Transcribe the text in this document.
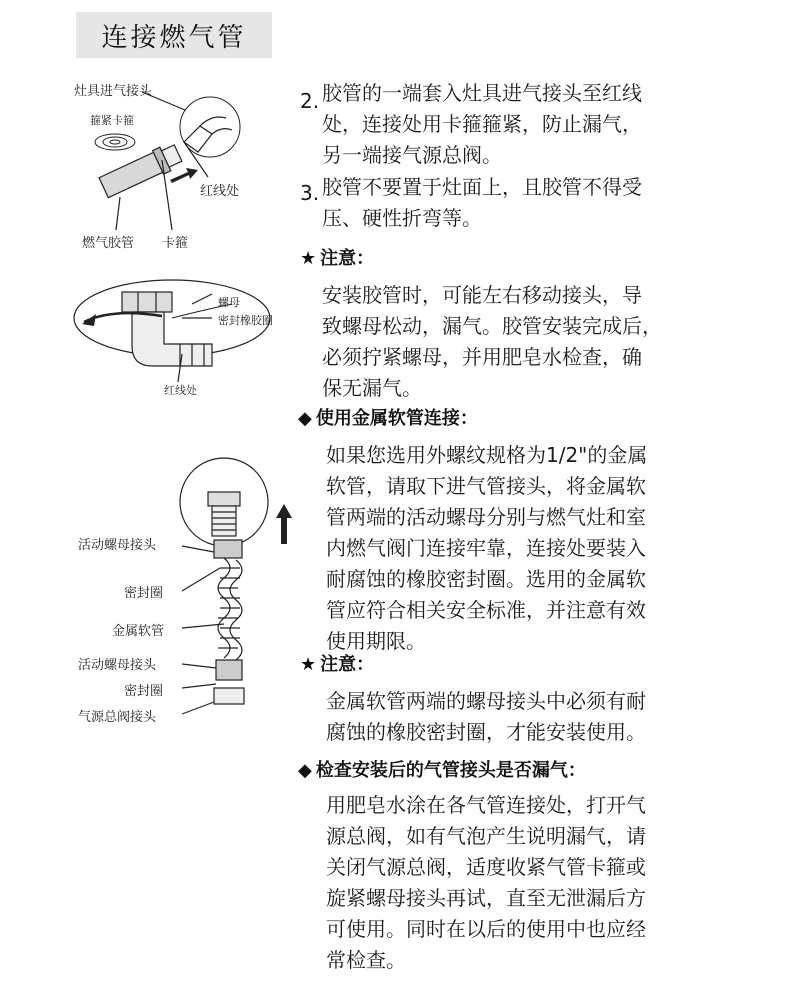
连接燃气管
灶具进气接头
箍紧卡箍
红线处
燃气胶管 卡箍
螺母
密封橡胶圈
红线处
活动螺母接头
密封圈
金属软管
活动螺母接头
密封圈
气源总阀接头
2. 胶管的一端套入灶具进气接头至红线
处，连接处用卡箍箍紧，防止漏气，
另一端接气源总阀。
3. 胶管不要置于灶面上，且胶管不得受
压、硬性折弯等。
★ 注意：
安装胶管时，可能左右移动接头，导
致螺母松动，漏气。胶管安装完成后，
必须拧紧螺母，并用肥皂水检查，确
保无漏气。
◆ 使用金属软管连接：
如果您选用外螺纹规格为1/2"的金属
软管，请取下进气管接头，将金属软
管两端的活动螺母分别与燃气灶和室
内燃气阀门连接牢靠，连接处要装入
耐腐蚀的橡胶密封圈。选用的金属软
管应符合相关安全标准，并注意有效
使用期限。
★ 注意：
金属软管两端的螺母接头中必须有耐
腐蚀的橡胶密封圈，才能安装使用。
◆ 检查安装后的气管接头是否漏气：
用肥皂水涂在各气管连接处，打开气
源总阀，如有气泡产生说明漏气，请
关闭气源总阀，适度收紧气管卡箍或
旋紧螺母接头再试，直至无泄漏后方
可使用。同时在以后的使用中也应经
常检查。
